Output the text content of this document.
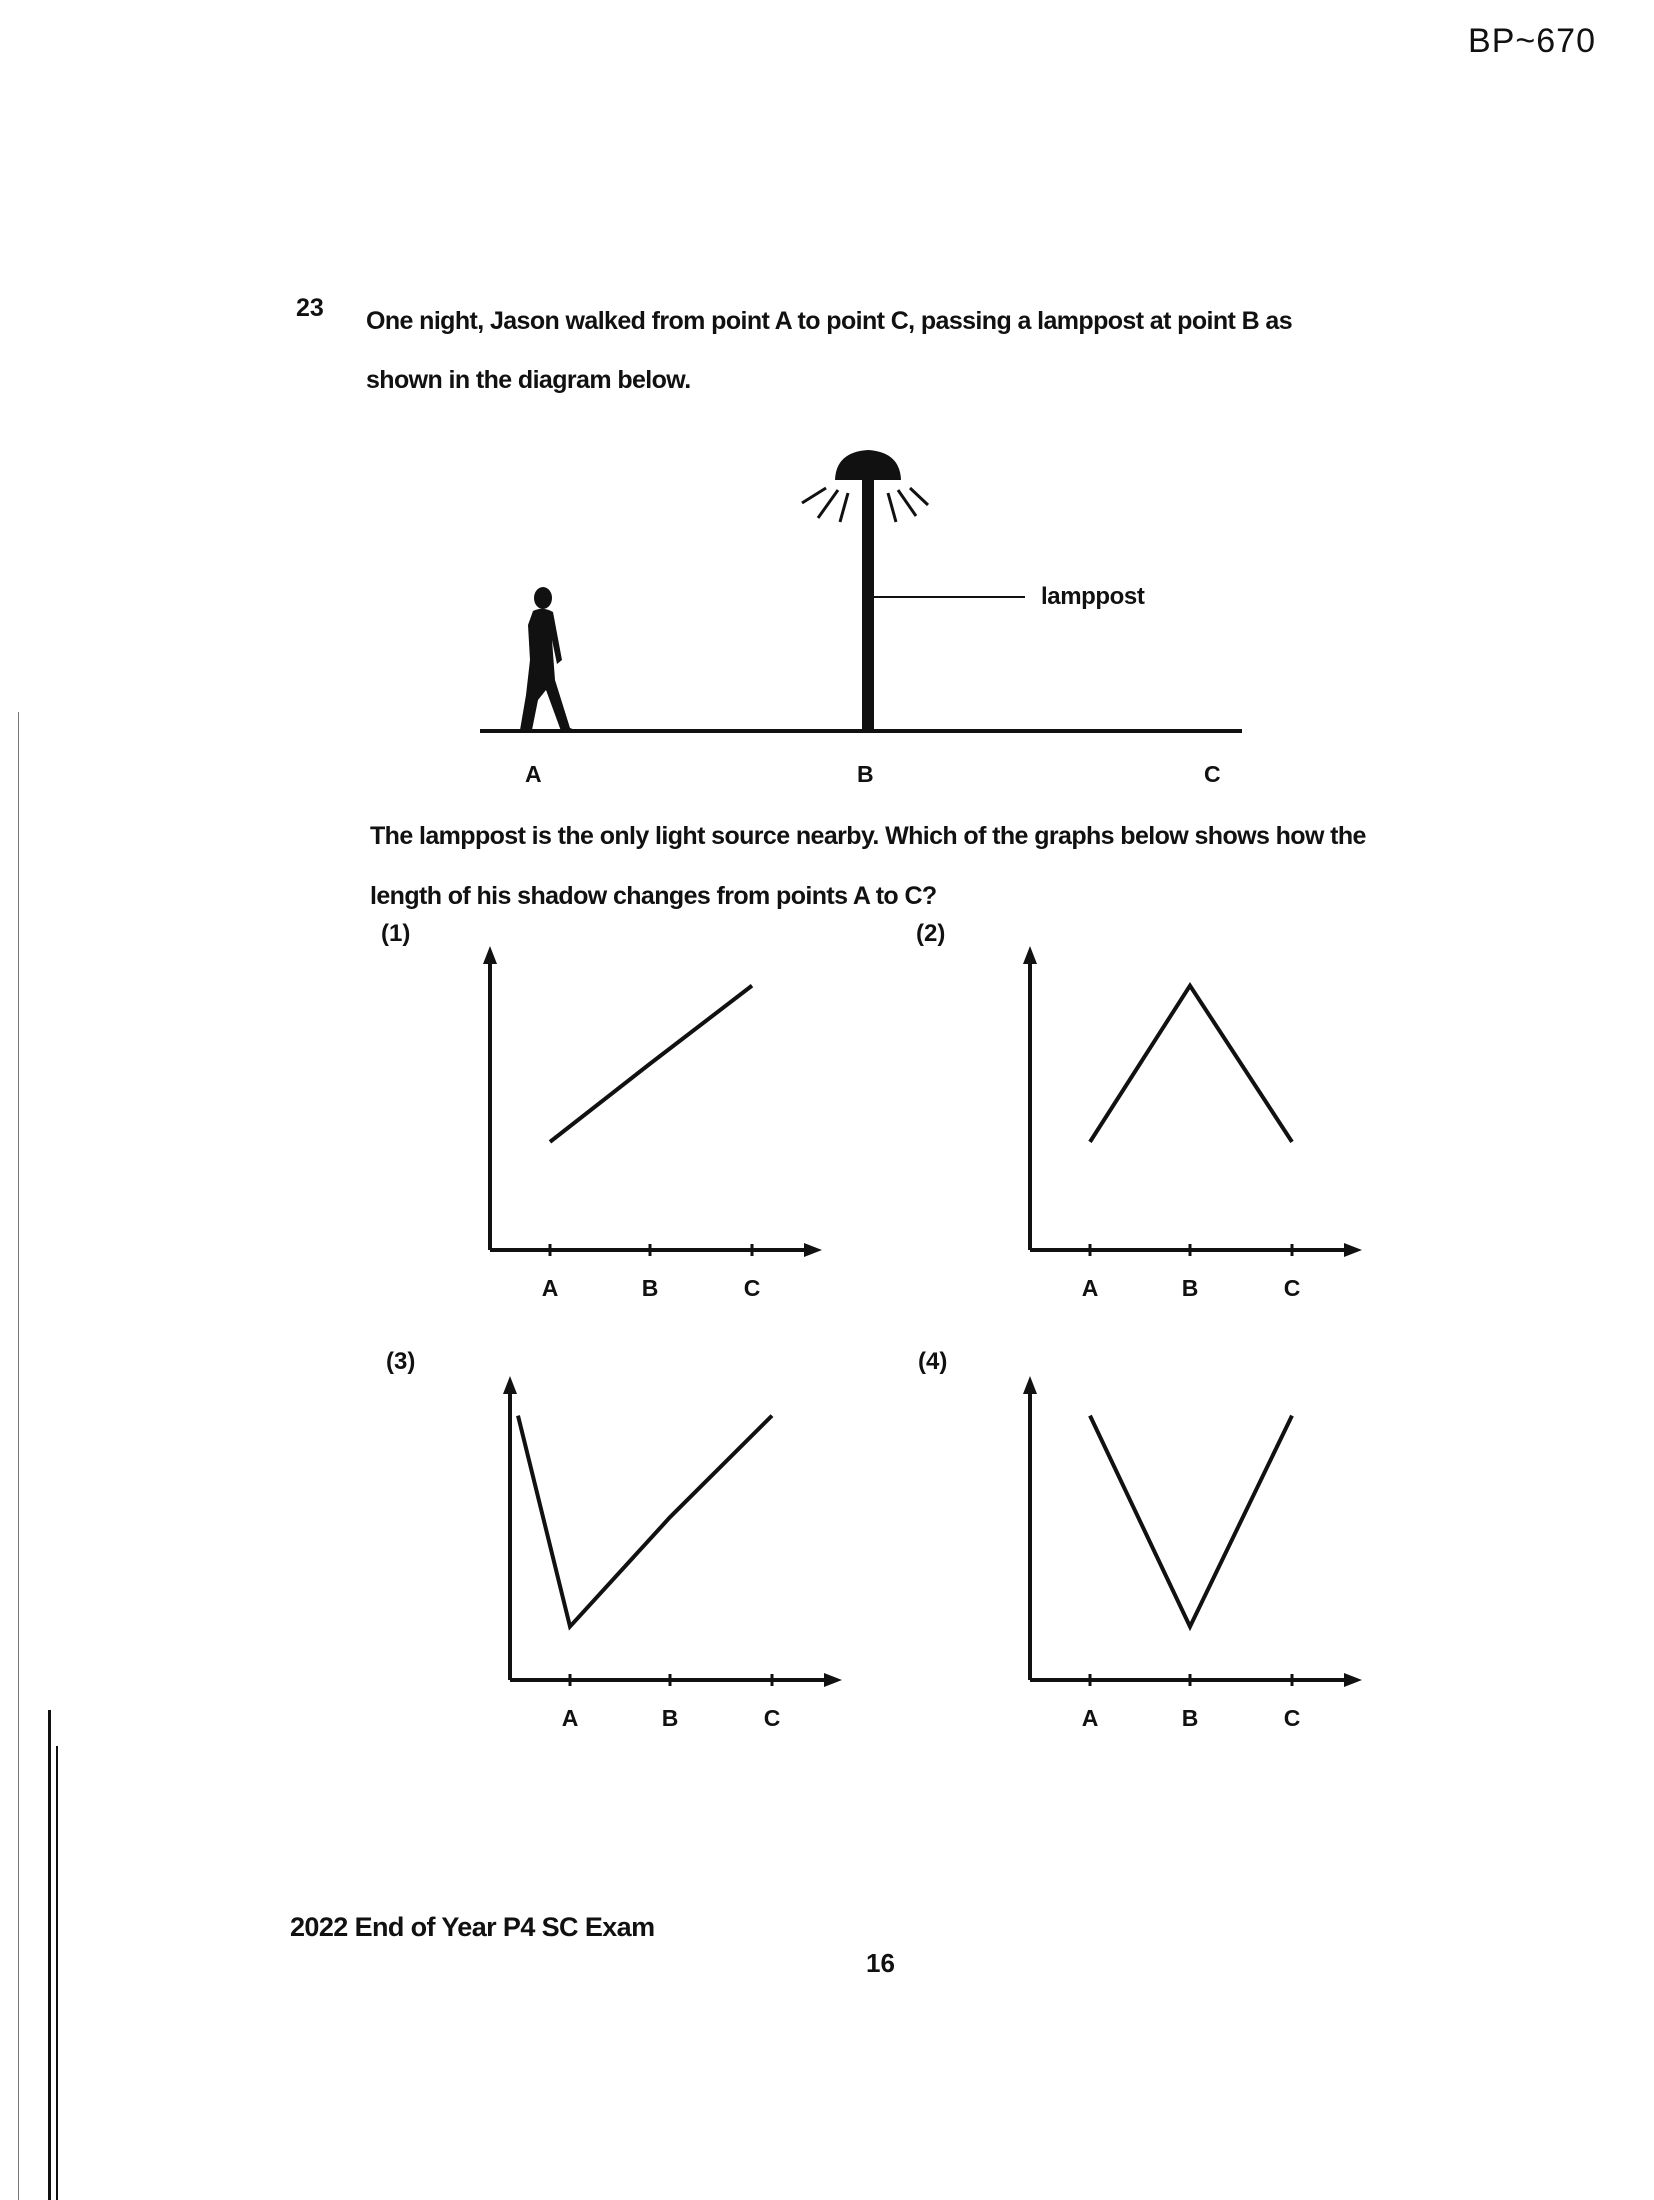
BP~670
23 One night, Jason walked from point A to point C, passing a lamppost at point B as shown in the diagram below.
A	B	C
lamppost
The lamppost is the only light source nearby. Which of the graphs below shows how the length of his shadow changes from points A to C?
(1)	(2)
(3)	(4)
A	B	C	A	B	C
A	B	C	A	B	C
2022 End of Year P4 SC Exam
16
